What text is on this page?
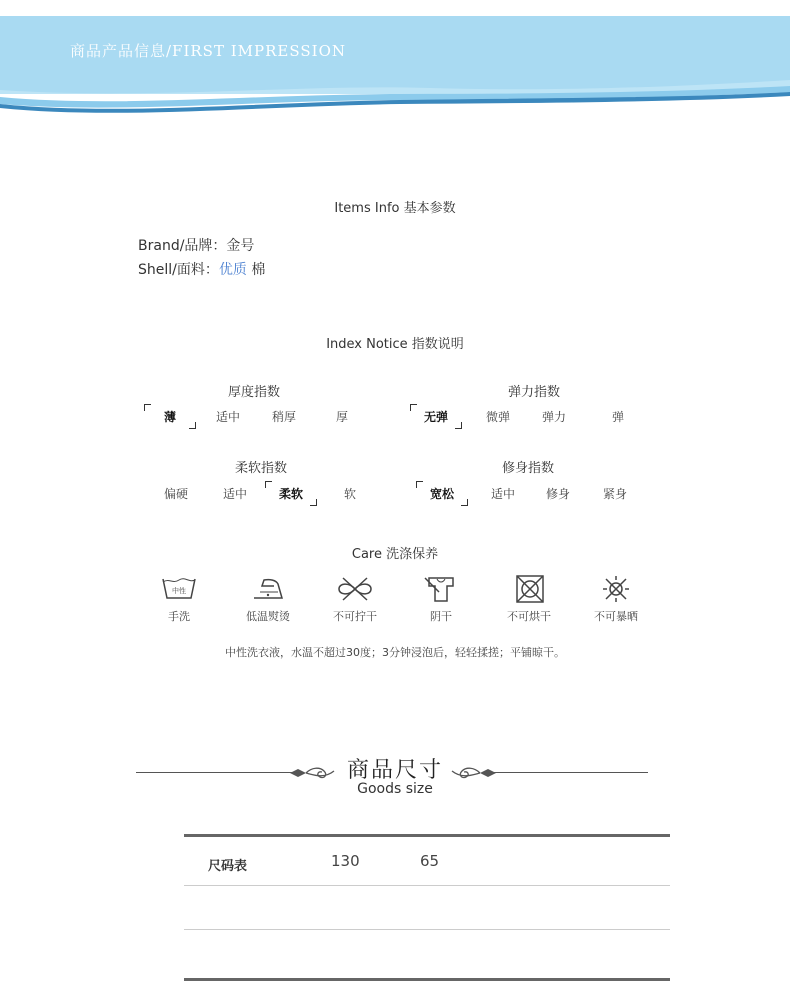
商品产品信息/FIRST IMPRESSION
Items Info 基本参数
Brand/品牌：金号
Shell/面料：优质 棉
Index Notice 指数说明
厚度指数
薄	适中	稍厚	厚
弹力指数
无弹	微弹	弹力	弹
柔软指数
偏硬	适中	柔软	软
修身指数
宽松	适中	修身	紧身
Care 洗涤保养
中性
手洗	低温熨烫	不可拧干	阴干	不可烘干	不可暴晒
中性洗衣液，水温不超过30度；3分钟浸泡后，轻轻揉搓；平铺晾干。
商品尺寸
Goods size
尺码表	130	65
